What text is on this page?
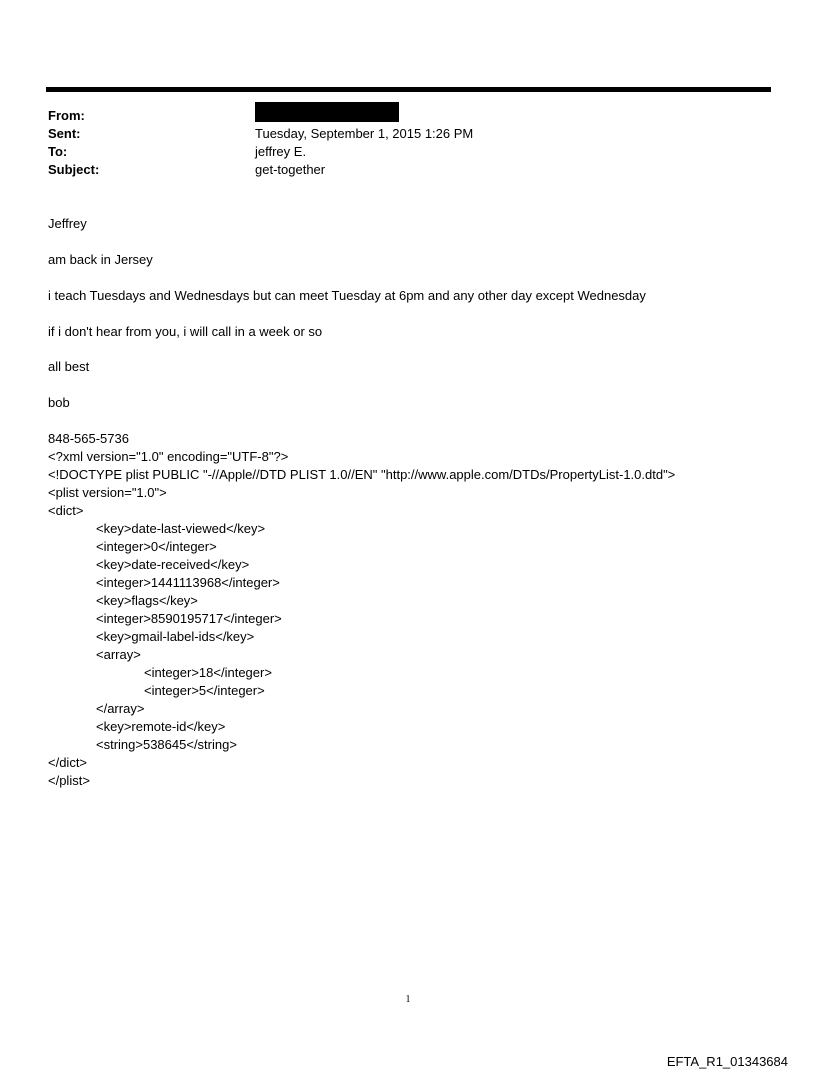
From:
Sent:	Tuesday, September 1, 2015 1:26 PM
To:	jeffrey E.
Subject:	get-together
Jeffrey
am back in Jersey
i teach Tuesdays and Wednesdays but can meet Tuesday at 6pm and any other day except Wednesday
if i don't hear from you, i will call in a week or so
all best
bob
848-565-5736
<?xml version="1.0" encoding="UTF-8"?>
<!DOCTYPE plist PUBLIC "-//Apple//DTD PLIST 1.0//EN" "http://www.apple.com/DTDs/PropertyList-1.0.dtd">
<plist version="1.0">
<dict>
<key>date-last-viewed</key>
<integer>0</integer>
<key>date-received</key>
<integer>1441113968</integer>
<key>flags</key>
<integer>8590195717</integer>
<key>gmail-label-ids</key>
<array>
<integer>18</integer>
<integer>5</integer>
</array>
<key>remote-id</key>
<string>538645</string>
</dict>
</plist>
1
EFTA_R1_01343684
